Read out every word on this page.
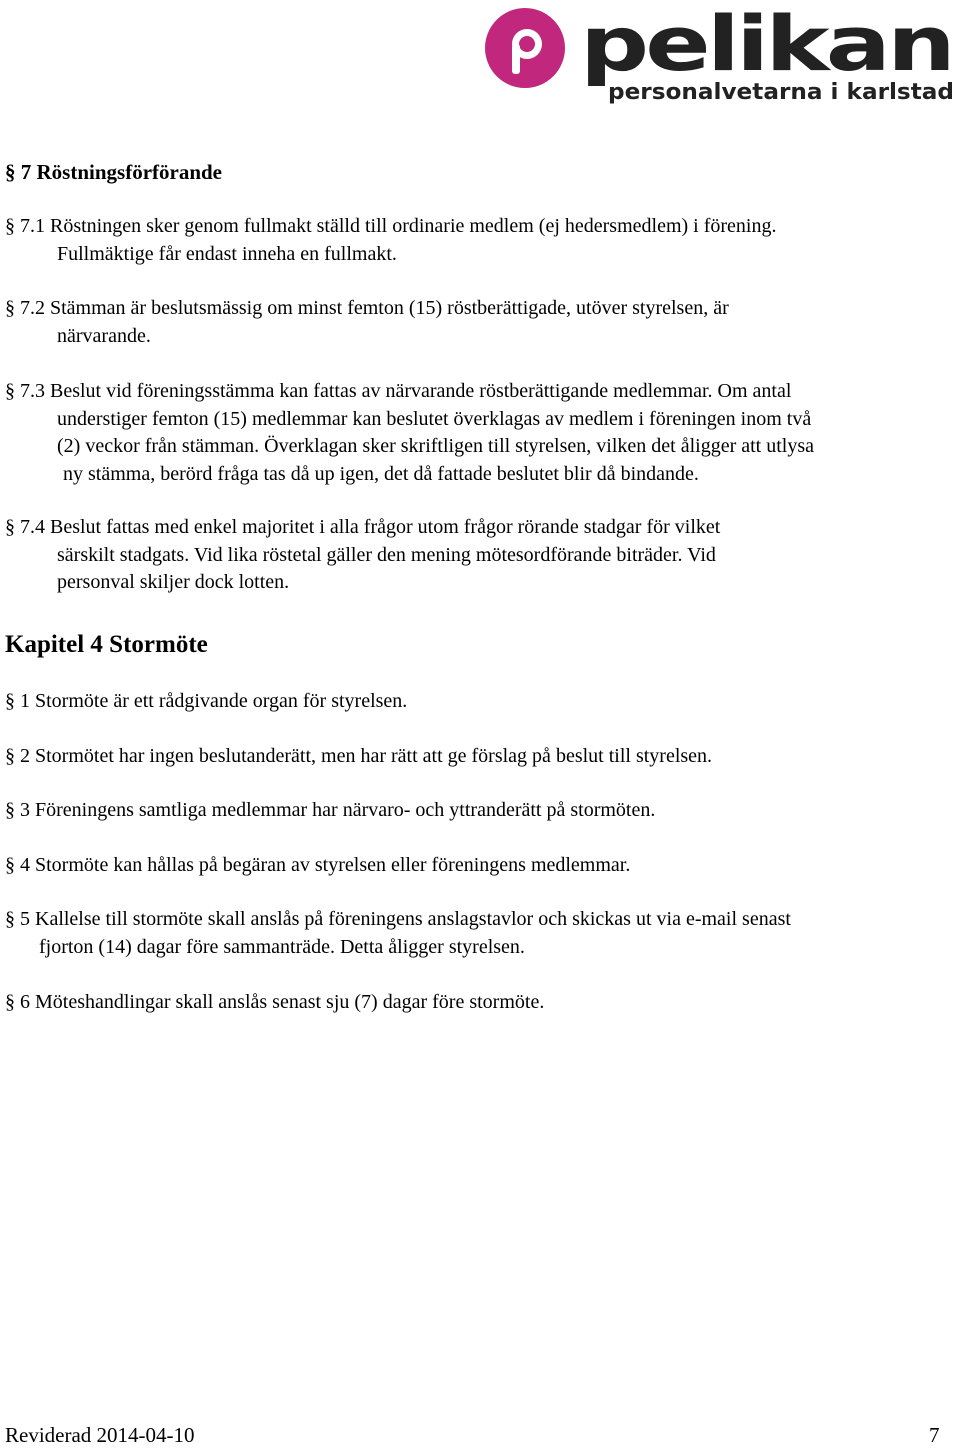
pelikan
personalvetarna i karlstad
§ 7 Röstningsförförande
§ 7.1 Röstningen sker genom fullmakt ställd till ordinarie medlem (ej hedersmedlem) i förening.
Fullmäktige får endast inneha en fullmakt.
§ 7.2 Stämman är beslutsmässig om minst femton (15) röstberättigade, utöver styrelsen, är
närvarande.
§ 7.3 Beslut vid föreningsstämma kan fattas av närvarande röstberättigande medlemmar. Om antal
understiger femton (15) medlemmar kan beslutet överklagas av medlem i föreningen inom två
(2) veckor från stämman. Överklagan sker skriftligen till styrelsen, vilken det åligger att utlysa
ny stämma, berörd fråga tas då up igen, det då fattade beslutet blir då bindande.
§ 7.4 Beslut fattas med enkel majoritet i alla frågor utom frågor rörande stadgar för vilket
särskilt stadgats. Vid lika röstetal gäller den mening mötesordförande biträder. Vid
personval skiljer dock lotten.
Kapitel 4 Stormöte
§ 1 Stormöte är ett rådgivande organ för styrelsen.
§ 2 Stormötet har ingen beslutanderätt, men har rätt att ge förslag på beslut till styrelsen.
§ 3 Föreningens samtliga medlemmar har närvaro- och yttranderätt på stormöten.
§ 4 Stormöte kan hållas på begäran av styrelsen eller föreningens medlemmar.
§ 5 Kallelse till stormöte skall anslås på föreningens anslagstavlor och skickas ut via e-mail senast
fjorton (14) dagar före sammanträde. Detta åligger styrelsen.
§ 6 Möteshandlingar skall anslås senast sju (7) dagar före stormöte.
Reviderad 2014-04-10	7
